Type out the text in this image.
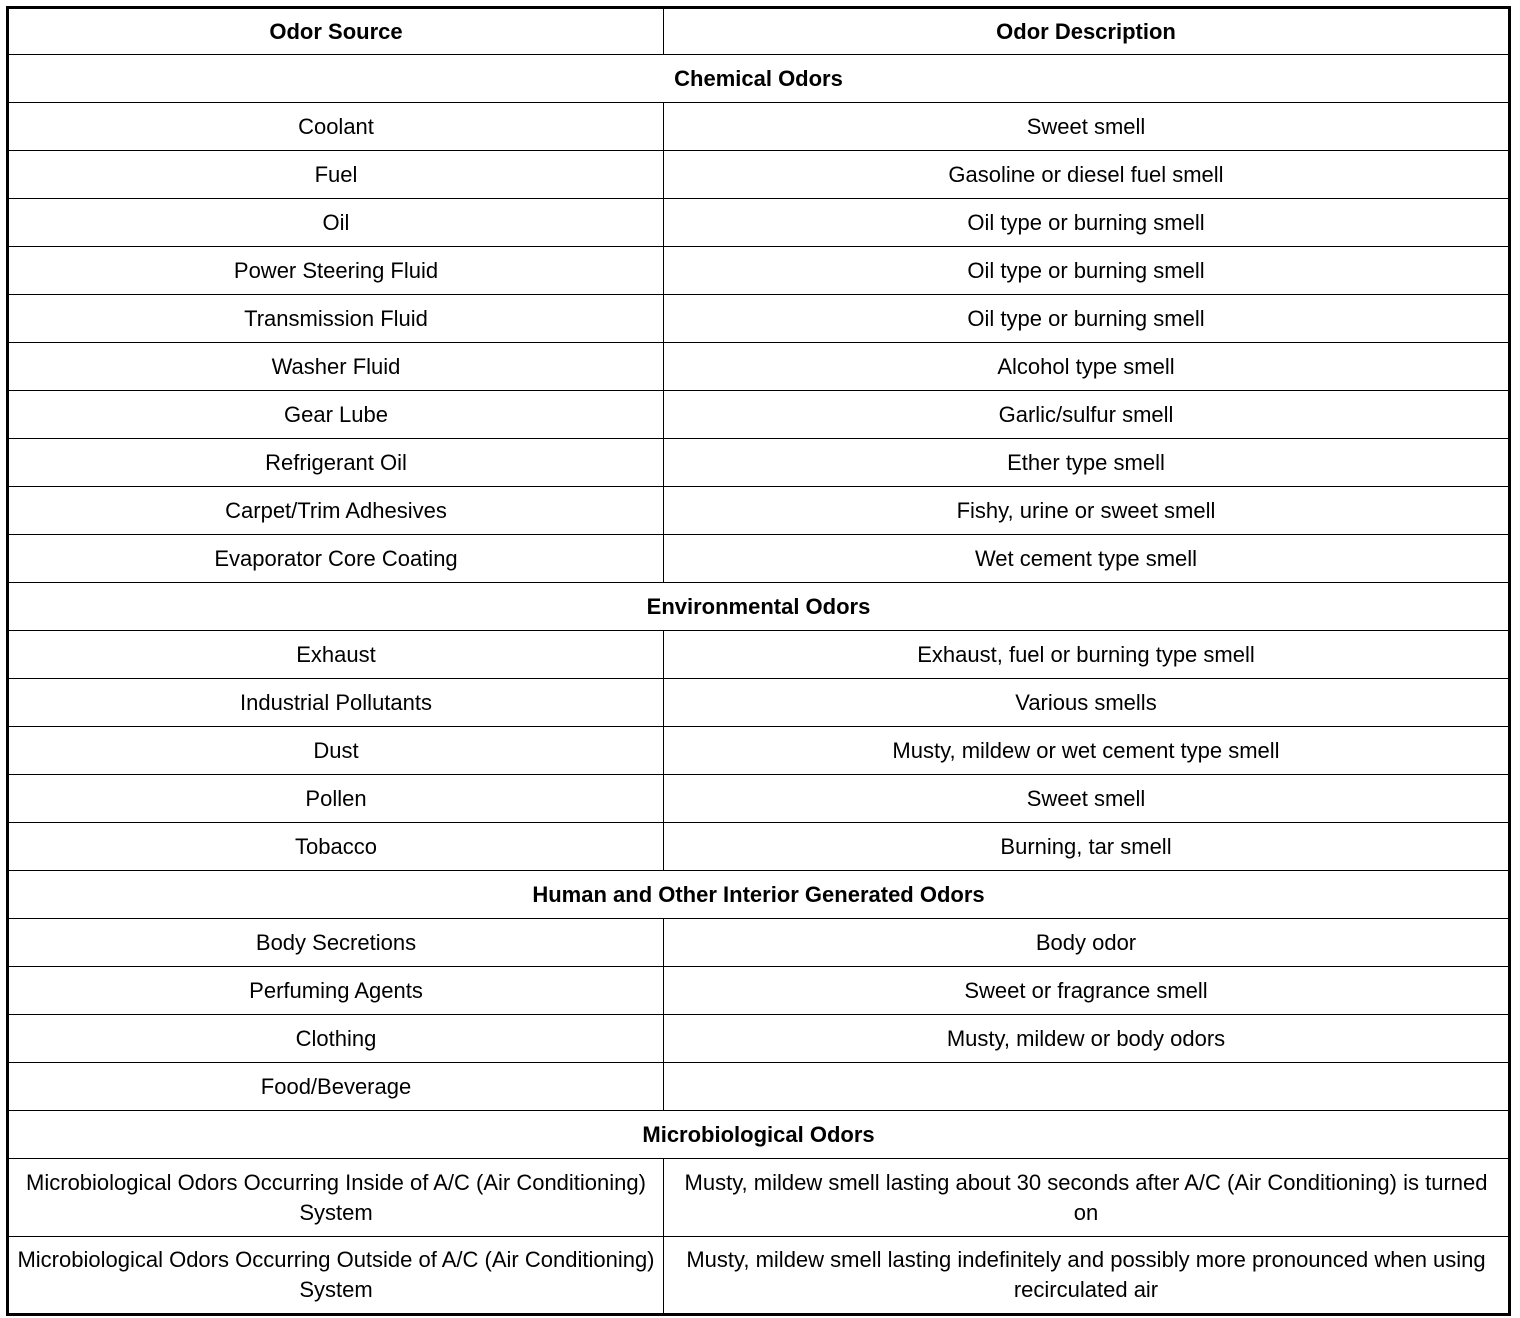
Odor Source	Odor Description
Chemical Odors	
Coolant	Sweet smell
Fuel	Gasoline or diesel fuel smell
Oil	Oil type or burning smell
Power Steering Fluid	Oil type or burning smell
Transmission Fluid	Oil type or burning smell
Washer Fluid	Alcohol type smell
Gear Lube	Garlic/sulfur smell
Refrigerant Oil	Ether type smell
Carpet/Trim Adhesives	Fishy, urine or sweet smell
Evaporator Core Coating	Wet cement type smell
Environmental Odors	
Exhaust	Exhaust, fuel or burning type smell
Industrial Pollutants	Various smells
Dust	Musty, mildew or wet cement type smell
Pollen	Sweet smell
Tobacco	Burning, tar smell
Human and Other Interior Generated Odors	
Body Secretions	Body odor
Perfuming Agents	Sweet or fragrance smell
Clothing	Musty, mildew or body odors
Food/Beverage	
Microbiological Odors	
Microbiological Odors Occurring Inside of A/C (Air Conditioning) System	Musty, mildew smell lasting about 30 seconds after A/C (Air Conditioning) is turned on
Microbiological Odors Occurring Outside of A/C (Air Conditioning) System	Musty, mildew smell lasting indefinitely and possibly more pronounced when using recirculated air
